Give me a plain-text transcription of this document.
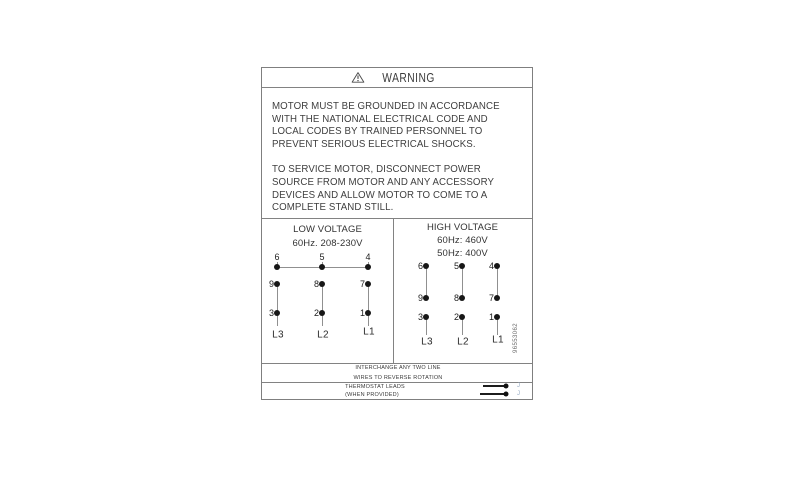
WARNING
MOTOR MUST BE GROUNDED IN ACCORDANCE
WITH THE NATIONAL ELECTRICAL CODE AND
LOCAL CODES BY TRAINED PERSONNEL TO
PREVENT SERIOUS ELECTRICAL SHOCKS.
TO SERVICE MOTOR, DISCONNECT POWER
SOURCE FROM MOTOR AND ANY ACCESSORY
DEVICES AND ALLOW MOTOR TO COME TO A
COMPLETE STAND STILL.
LOW VOLTAGE
60Hz. 208-230V
6	5	4
9	8	7
3	2	1
L3	L2	L1
HIGH VOLTAGE
60Hz: 460V
50Hz: 400V
6	5	4
9	8	7
3	2	1
L3 L2 L1 96553062
INTERCHANGE ANY TWO LINE
WIRES TO REVERSE ROTATION
THERMOSTAT LEADS
(WHEN PROVIDED)
J
J
